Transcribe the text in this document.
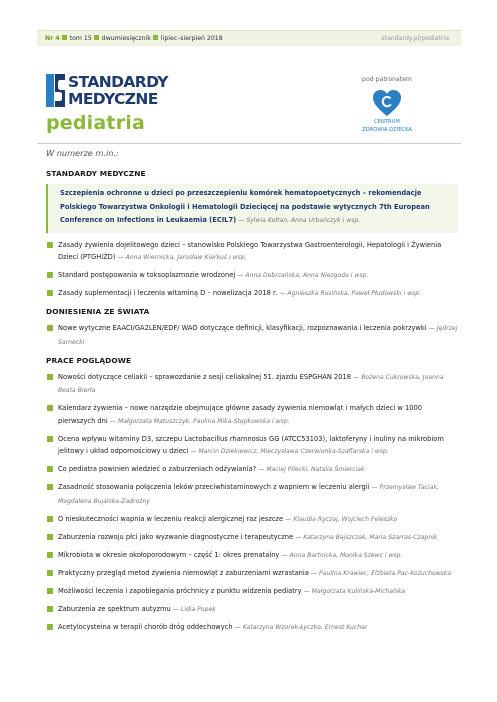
Nr 4 tom 15 dwumiesięcznik lipiec–sierpień 2018	standardy.pl/pediatria
STANDARDY
MEDYCZNE
pediatria
pod patronatem
CENTRUM
ZDROWIA DZIECKA
W numerze m.in.:
STANDARDY MEDYCZNE
Szczepienia ochronne u dzieci po przeszczepieniu komórek hematopoetycznych – rekomendacje Polskiego Towarzystwa Onkologii i Hematologii Dziecięcej na podstawie wytycznych 7th European Conference on Infections in Leukaemia (ECIL7) — Sylwia Kołtan, Anna Urbańczyk i wsp.
Zasady żywienia dojelitowego dzieci – stanowisko Polskiego Towarzystwa Gastroenterologii, Hepatologii i Żywienia Dzieci (PTGHiŻD) — Anna Wiernicka, Jarosław Kierkuś i wsp.
Standard postępowania w toksoplazmozie wrodzonej — Anna Dobrzańska, Anna Niezgoda i wsp.
Zasady suplementacji i leczenia witaminą D – nowelizacja 2018 r. — Agnieszka Rusińska, Paweł Płudowski i wsp.
DONIESIENIA ZE ŚWIATA
Nowe wytyczne EAACI/GA2LEN/EDF/ WAO dotyczące definicji, klasyfikacji, rozpoznawania i leczenia pokrzywki — Jędrzej Sarnecki
PRACE POGLĄDOWE
Nowości dotyczące celiakii – sprawozdanie z sesji celiakalnej 51. zjazdu ESPGHAN 2018 — Bożena Cukrowska, Joanna Beata Bierła
Kalendarz żywienia – nowe narzędzie obejmujące główne zasady żywienia niemowląt i małych dzieci w 1000 pierwszych dni — Małgorzata Matuszczyk, Paulina Mika-Stępkowska i wsp.
Ocena wpływu witaminy D3, szczepu Lactobacillus rhamnosus GG (ATCC53103), laktoferyny i inuliny na mikrobiom jelitowy i układ odpornościowy u dzieci — Marcin Dziekiewicz, Mieczysława Czerwionka-Szaflarska i wsp.
Co pediatra powinien wiedzieć o zaburzeniach odżywiania? — Maciej Pilecki, Natalia Śmierciak
Zasadność stosowania połączenia leków przeciwhistaminowych z wapniem w leczeniu alergii — Przemysław Taciak, Magdalena Bujalska-Zadrożny
O nieskuteczności wapnia w leczeniu reakcji alergicznej raz jeszcze — Klaudia Ryczaj, Wojciech Feleszko
Zaburzenia rozwoju płci jako wyzwanie diagnostyczne i terapeutyczne — Katarzyna Bajszczak, Maria Szarras-Czapnik
Mikrobiota w okresie okołoporodowym – część 1: okres prenatalny — Anna Bartnicka, Monika Szewc i wsp.
Praktyczny przegląd metod żywienia niemowląt z zaburzeniami wzrastania — Paulina Krawiec, Elżbieta Pac-Kożuchowska
Możliwości leczenia i zapobiegania próchnicy z punktu widzenia pediatry — Małgorzata Kulińska-Michalska
Zaburzenia ze spektrum autyzmu — Lidia Popek
Acetylocysteina w terapii chorób dróg oddechowych — Katarzyna Wzorek-Łyczko, Ernest Kuchar
